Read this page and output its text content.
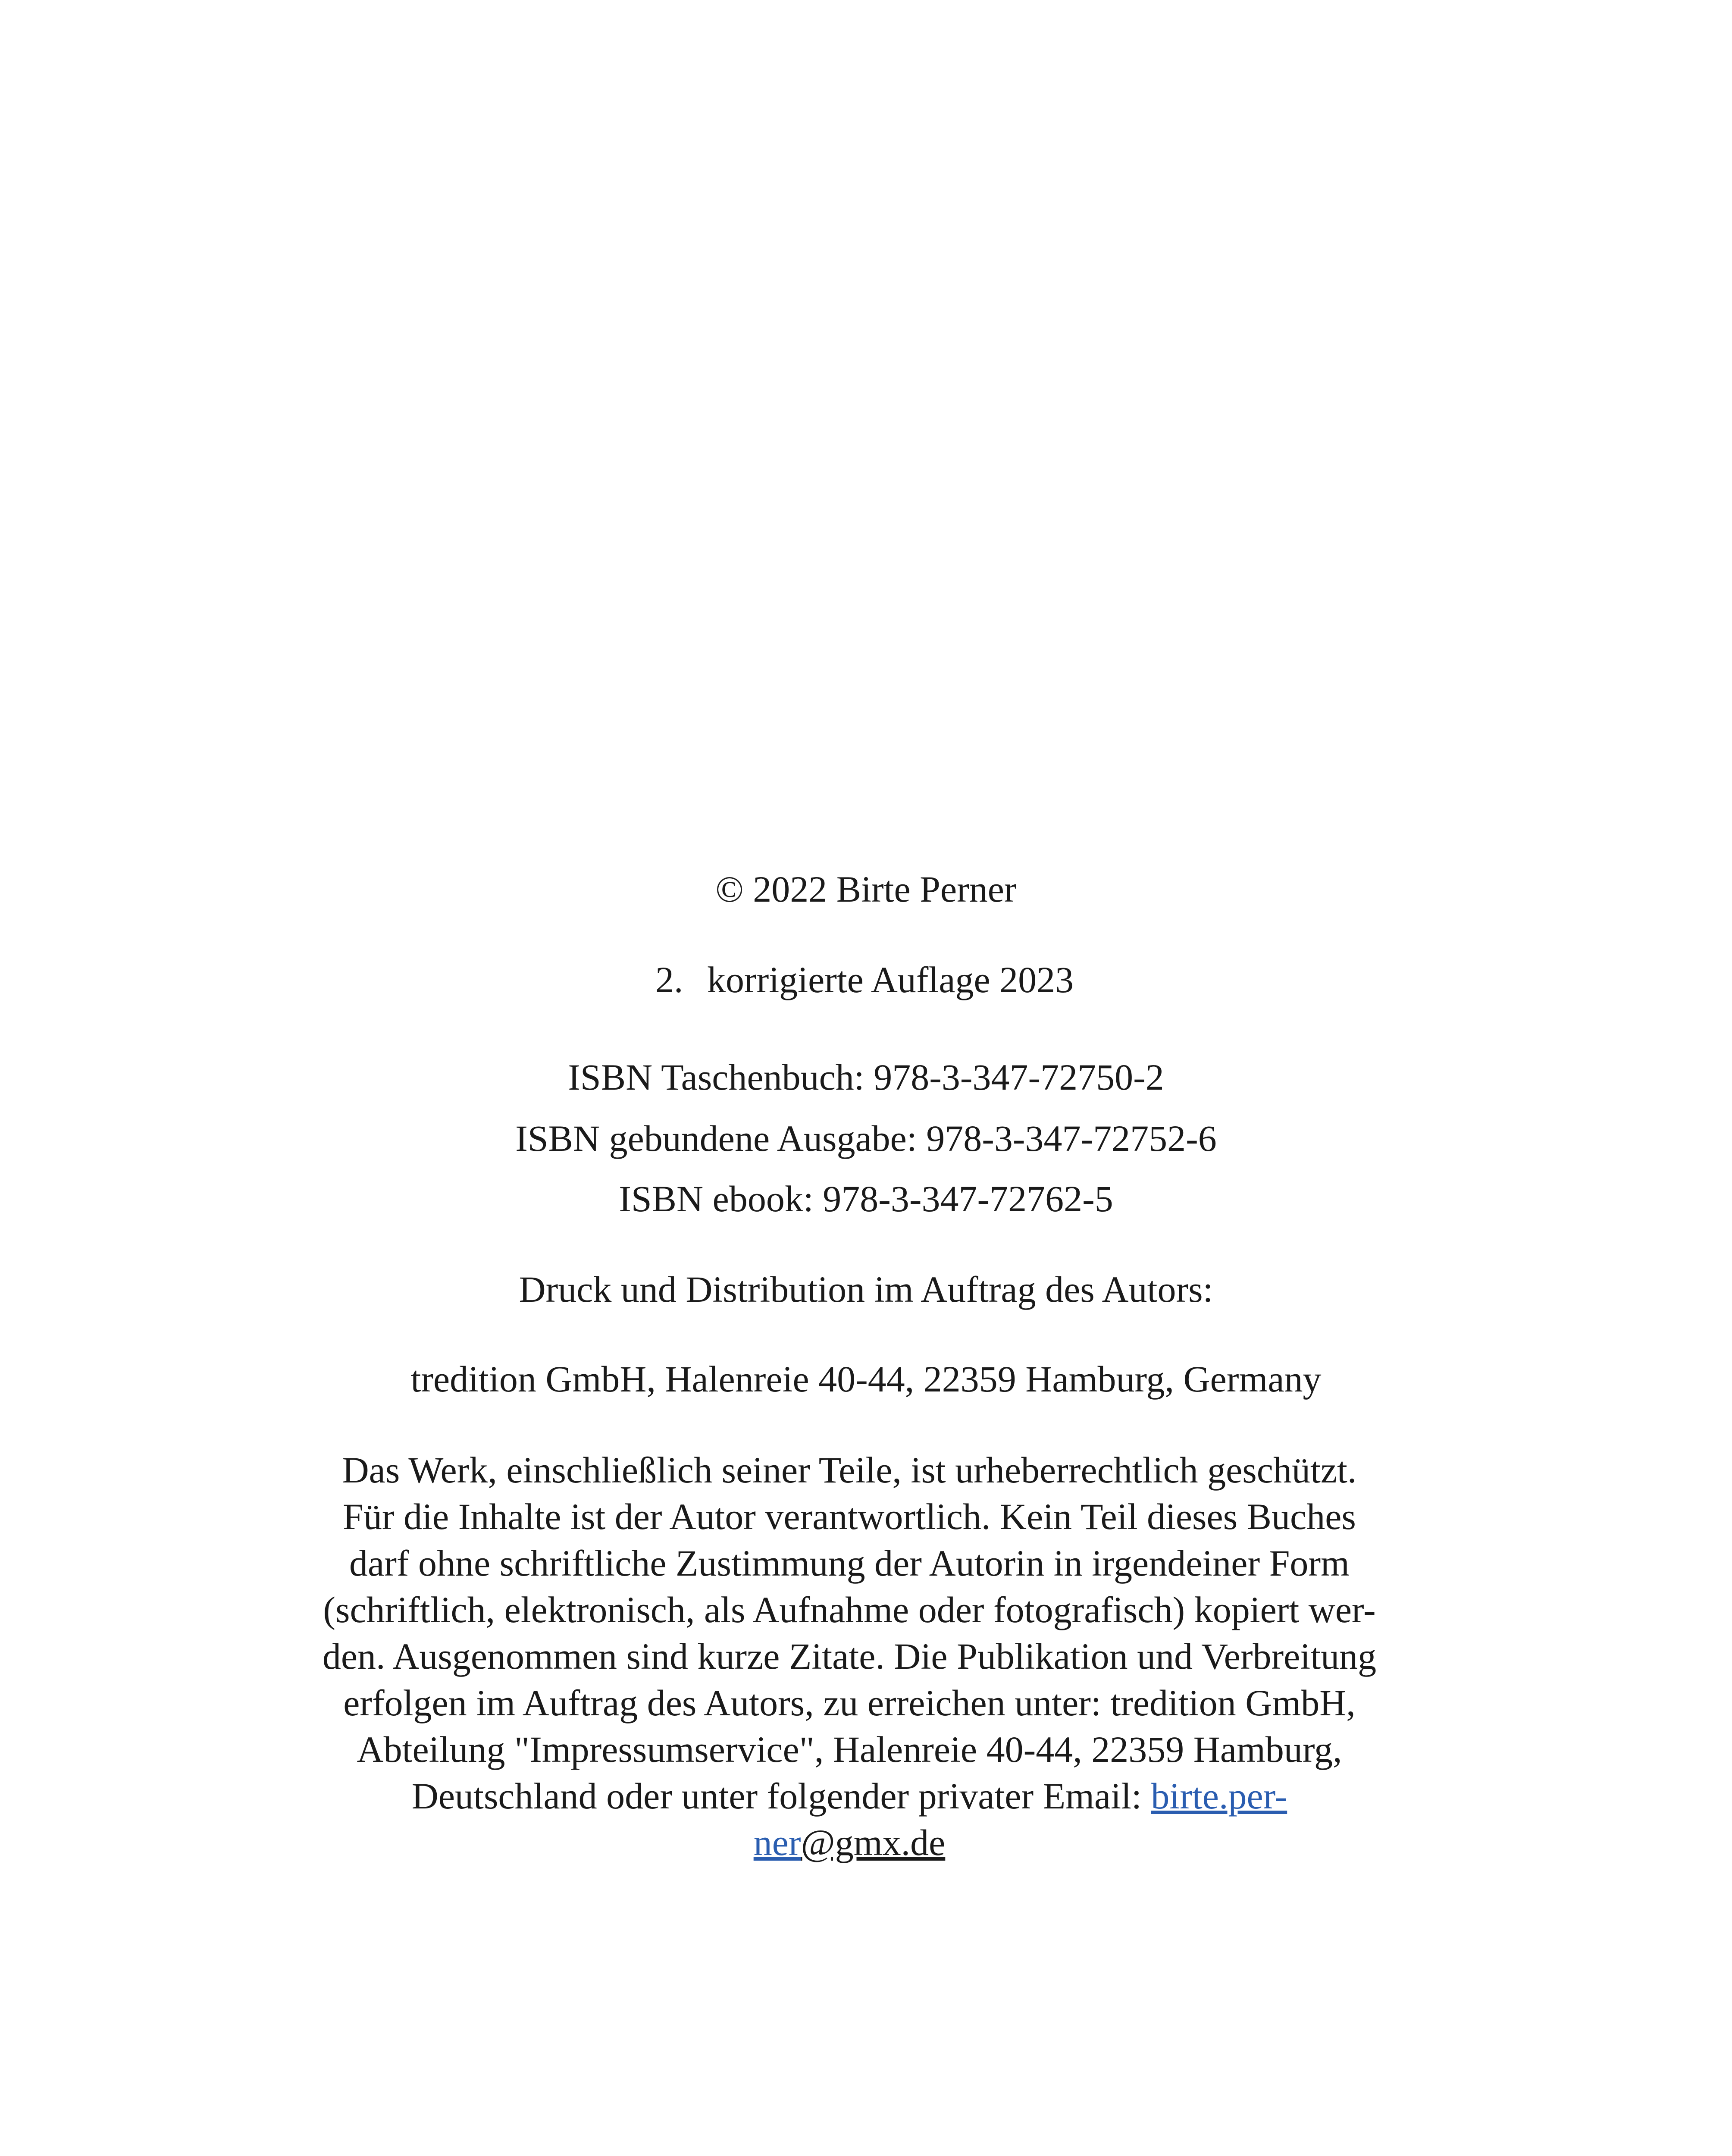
© 2022 Birte Perner
2. korrigierte Auflage 2023
ISBN Taschenbuch: 978-3-347-72750-2
ISBN gebundene Ausgabe: 978-3-347-72752-6
ISBN ebook: 978-3-347-72762-5
Druck und Distribution im Auftrag des Autors:
tredition GmbH, Halenreie 40-44, 22359 Hamburg, Germany
Das Werk, einschließlich seiner Teile, ist urheberrechtlich geschützt.
Für die Inhalte ist der Autor verantwortlich. Kein Teil dieses Buches
darf ohne schriftliche Zustimmung der Autorin in irgendeiner Form
(schriftlich, elektronisch, als Aufnahme oder fotografisch) kopiert wer-
den. Ausgenommen sind kurze Zitate. Die Publikation und Verbreitung
erfolgen im Auftrag des Autors, zu erreichen unter: tredition GmbH,
Abteilung "Impressumservice", Halenreie 40-44, 22359 Hamburg,
Deutschland oder unter folgender privater Email: birte.per-
ner@gmx.de
